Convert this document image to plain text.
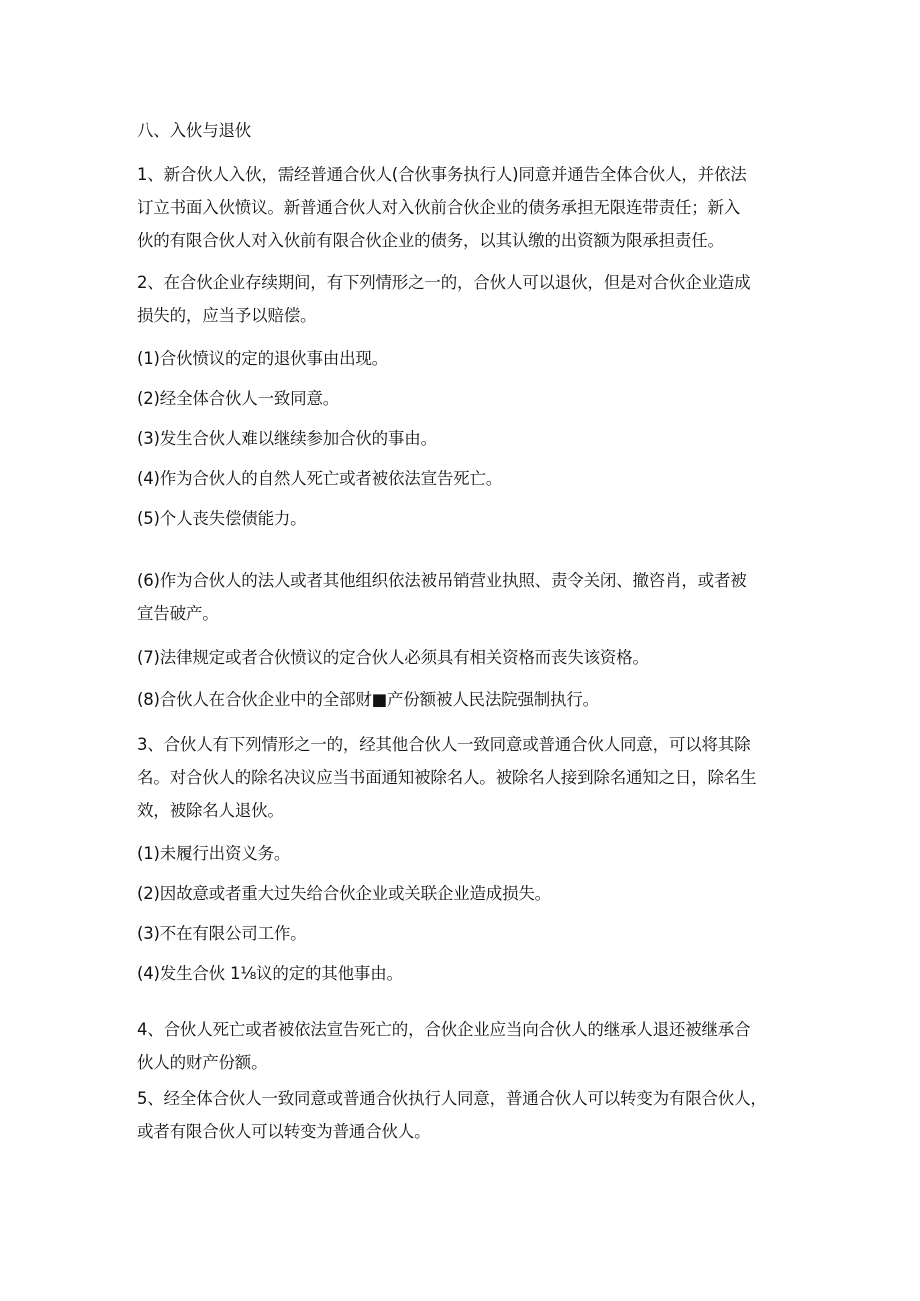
八、入伙与退伙
1、新合伙人入伙，需经普通合伙人(合伙事务执行人)同意并通告全体合伙人，并依法
订立书面入伙愤议。新普通合伙人对入伙前合伙企业的债务承担无限连带责任；新入
伙的有限合伙人对入伙前有限合伙企业的债务，以其认缴的出资额为限承担责任。
2、在合伙企业存续期间，有下列情形之一的，合伙人可以退伙，但是对合伙企业造成
损失的，应当予以赔偿。
(1)合伙愤议的定的退伙事由出现。
(2)经全体合伙人一致同意。
(3)发生合伙人难以继续参加合伙的事由。
(4)作为合伙人的自然人死亡或者被依法宣告死亡。
(5)个人丧失偿债能力。
(6)作为合伙人的法人或者其他组织依法被吊销营业执照、责令关闭、撤咨肖，或者被
宣告破产。
(7)法律规定或者合伙愤议的定合伙人必须具有相关资格而丧失该资格。
(8)合伙人在合伙企业中的全部财■产份额被人民法院强制执行。
3、合伙人有下列情形之一的，经其他合伙人一致同意或普通合伙人同意，可以将其除
名。对合伙人的除名决议应当书面通知被除名人。被除名人接到除名通知之日，除名生
效，被除名人退伙。
(1)未履行出资义务。
(2)因故意或者重大过失给合伙企业或关联企业造成损失。
(3)不在有限公司工作。
(4)发生合伙 1⅛议的定的其他事由。
4、合伙人死亡或者被依法宣告死亡的，合伙企业应当向合伙人的继承人退还被继承合
伙人的财产份额。
5、经全体合伙人一致同意或普通合伙执行人同意，普通合伙人可以转变为有限合伙人，
或者有限合伙人可以转变为普通合伙人。
